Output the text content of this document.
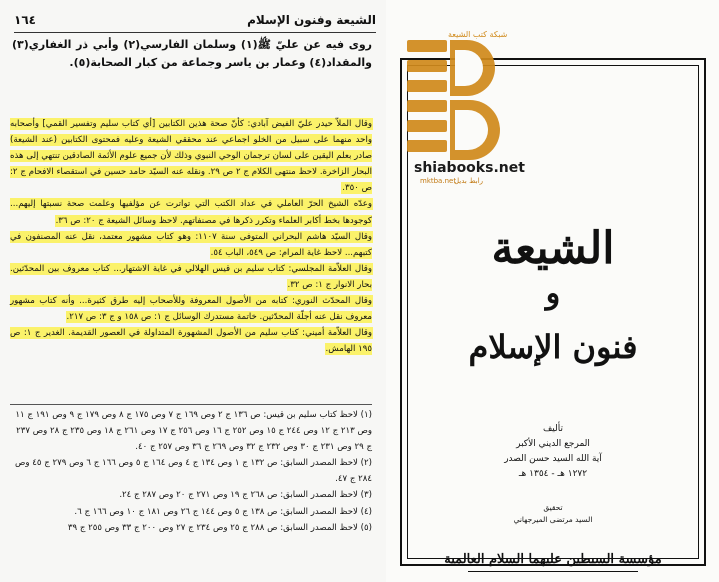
الشيعة وفنون الإسلام
١٦٤

روى فيه عن عليّ ﷺ(١) وسلمان الفارسي(٢) وأبي ذر الغفاري(٣) والمقداد(٤) وعمار بن ياسر وجماعة من كبار الصحابة(٥).

وقال الملاّ حيدر عليّ الفيض آبادي: كأنّ صحة هذين الكتابين [أي كتاب سليم وتفسير القمي] وأصحابه واحد منهما على سبيل من الخلو اجماعي عند محققي الشيعة وعليه فمحتوى الكتابين (عند الشيعة) صادر بعلم اليقين على لسان ترجمان الوحي النبوي وذلك لأن جميع علوم الأئمة الصادقين تنتهي إلى هذه البحار الزاخرة. لاحظ منتهى الكلام ج ٢ ص ٢٩. ونقله عنه السيّد حامد حسين في استقصاء الافحام ج ٢: ص ٣٥٠.

وعدّه الشيخ الحرّ العاملي في عداد الكتب التي تواترت عن مؤلفيها وعلمت صحة نسبتها إليهم... كوجودها بخط أكابر العلماء وتكرر ذكرها في مصنفاتهم. لاحظ وسائل الشيعة ج ٢٠: ص ٣٦.

وقال السيّد هاشم البحراني المتوفى سنة ١١٠٧: وهو كتاب مشهور معتمد، نقل عنه المصنفون في كتبهم... لاحظ غاية المرام: ص ٥٤٩، الباب ٥٤.

وقال العلاّمة المجلسي: كتاب سليم بن قيس الهلالي في غاية الاشتهار... كتاب معروف بين المحدّثين. بحار الانوار ج ١: ص ٣٢.

وقال المحدّث النوري: كتابه من الأصول المعروفة وللأصحاب إليه طرق كثيرة... وأنه كتاب مشهور معروف نقل عنه أجلّة المحدّثين. خاتمة مستدرك الوسائل ج ١: ص ١٥٨ و ج ٣: ص ٢١٧.

وقال العلاّمة أميني: كتاب سليم من الأصول المشهورة المتداولة في العصور القديمة. الغدير ج ١: ص ١٩٥ الهامش.

(١) لاحظ كتاب سليم بن قيس: ص ١٣٦ ج ٢ وص ١٦٩ ج ٧ وص ١٧٥ ج ٨ وص ١٧٩ ج ٩ وص ١٩١ ج ١١ وص ٢١٣ ج ١٢ وص ٢٤٤ ج ١٥ وص ٢٥٢ ج ١٦ وص ٢٥٦ ج ١٧ وص ٢٦١ ج ١٨ وص ٢٣٥ ج ٢٨ وص ٢٣٧ ج ٢٩ وص ٢٣١ ج ٣٠ وص ٢٣٢ ج ٣٢ وص ٢٦٩ ج ٣٦ وص ٢٥٧ ج ٤٠.

(٢) لاحظ المصدر السابق: ص ١٣٢ ج ١ وص ١٣٤ ج ٤ وص ١٦٤ ج ٥ وص ١٦٦ ج ٦ وص ٢٧٩ ج ٤٥ وص ٢٨٤ ج ٤٧.

(٣) لاحظ المصدر السابق: ص ٢٦٨ ج ١٩ وص ٢٧١ ج ٢٠ وص ٢٨٧ ج ٢٤.

(٤) لاحظ المصدر السابق: ص ١٣٨ ج ٥ وص ١٤٤ ج ٢٦ وص ١٨١ ج ١٠ وص ١٦٦ ج ٦.

(٥) لاحظ المصدر السابق: ص ٢٨٨ ج ٢٥ وص ٢٣٤ ج ٢٧ وص ٢٠٠ ج ٣٣ وص ٢٥٥ ج ٣٩

الشيعة
و
فنون الإسلام
تأليف
المرجع الديني الأكبر
آية الله السيد حسن الصدر
١٢٧٢ هـ - ١٣٥٤ هـ
تحقيق
السيد مرتضى الميرجهاني
مؤسسة السبطين عليهما السلام العالمية
شبكة كتب الشيعة
shiabooks.net
mktba.net
رابط بديل
